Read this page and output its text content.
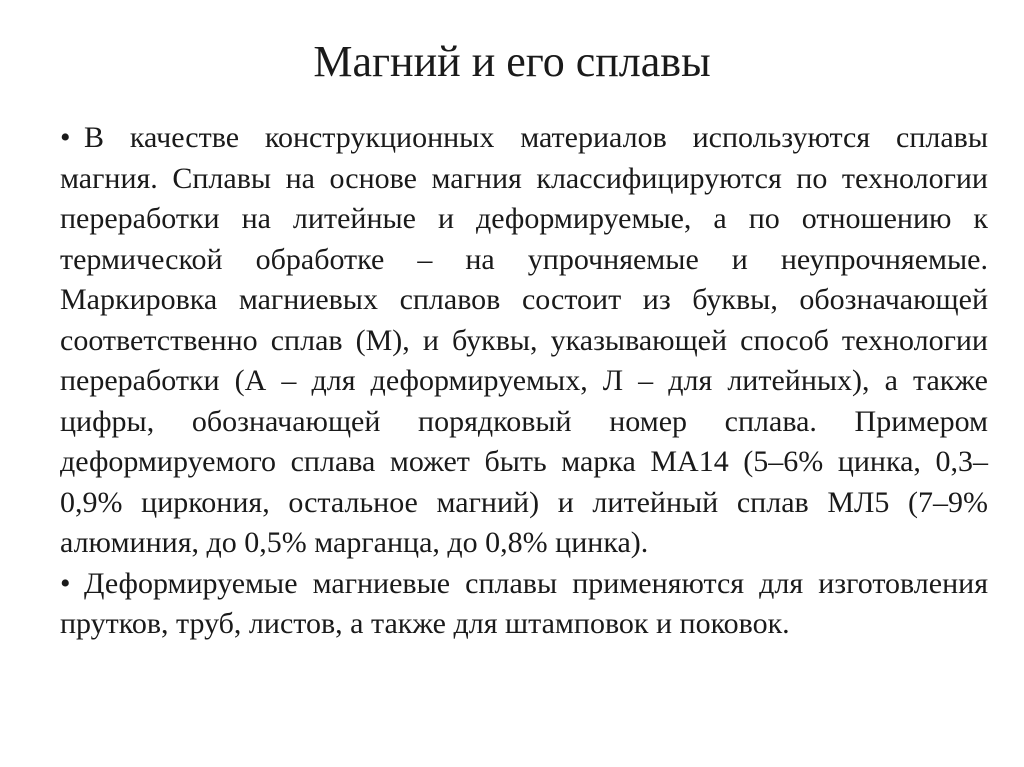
Магний и его сплавы
• В качестве конструкционных материалов используются сплавы магния. Сплавы на основе магния классифицируются по технологии переработки на литейные и деформируемые, а по отношению к термической обработке – на упрочняемые и неупрочняемые. Маркировка магниевых сплавов состоит из буквы, обозначающей соответственно сплав (М), и буквы, указывающей способ технологии переработки (А – для деформируемых, Л – для литейных), а также цифры, обозначающей порядковый номер сплава. Примером деформируемого сплава может быть марка МА14 (5–6% цинка, 0,3–0,9% циркония, остальное магний) и литейный сплав МЛ5 (7–9% алюминия, до 0,5% марганца, до 0,8% цинка).
• Деформируемые магниевые сплавы применяются для изготовления прутков, труб, листов, а также для штамповок и поковок.
